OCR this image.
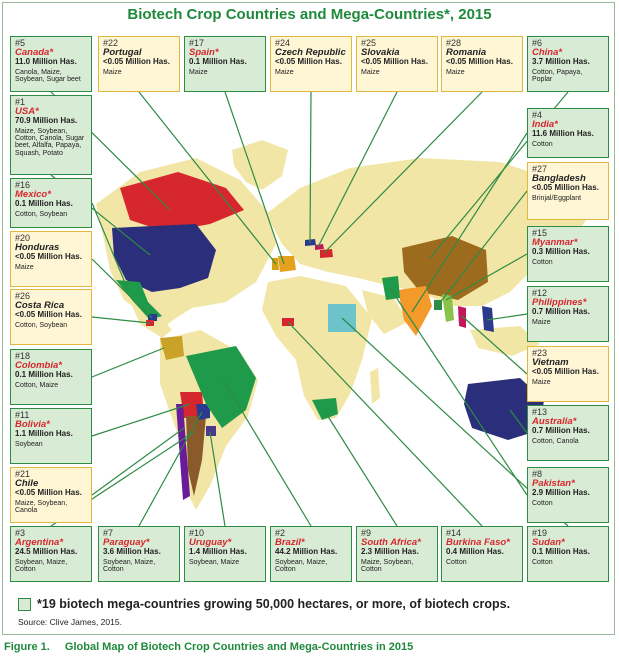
Biotech Crop Countries and Mega-Countries*, 2015
#5
Canada*
11.0 Million Has.
Canola, Maize, Soybean, Sugar beet
#22
Portugal
<0.05 Million Has.
Maize
#17
Spain*
0.1 Million Has.
Maize
#24
Czech Republic
<0.05 Million Has.
Maize
#25
Slovakia
<0.05 Million Has.
Maize
#28
Romania
<0.05 Million Has.
Maize
#6
China*
3.7 Million Has.
Cotton, Papaya, Poplar
#1
USA*
70.9 Million Has.
Maize, Soybean, Cotton, Canola, Sugar beet, Alfalfa, Papaya, Squash, Potato
#4
India*
11.6 Million Has.
Cotton
#16
Mexico*
0.1 Million Has.
Cotton, Soybean
#27
Bangladesh
<0.05 Million Has.
Brinjal/Eggplant
#20
Honduras
<0.05 Million Has.
Maize
#15
Myanmar*
0.3 Million Has.
Cotton
#26
Costa Rica
<0.05 Million Has.
Cotton, Soybean
#12
Philippines*
0.7 Million Has.
Maize
#18
Colombia*
0.1 Million Has.
Cotton, Maize
#23
Vietnam
<0.05 Million Has.
Maize
#11
Bolivia*
1.1 Million Has.
Soybean
#13
Australia*
0.7 Million Has.
Cotton, Canola
#21
Chile
<0.05 Million Has.
Maize, Soybean, Canola
#8
Pakistan*
2.9 Million Has.
Cotton
#3
Argentina*
24.5 Million Has.
Soybean, Maize, Cotton
#7
Paraguay*
3.6 Million Has.
Soybean, Maize, Cotton
#10
Uruguay*
1.4 Million Has.
Soybean, Maize
#2
Brazil*
44.2 Million Has.
Soybean, Maize, Cotton
#9
South Africa*
2.3 Million Has.
Maize, Soybean, Cotton
#14
Burkina Faso*
0.4 Million Has.
Cotton
#19
Sudan*
0.1 Million Has.
Cotton
*19 biotech mega-countries growing 50,000 hectares, or more, of biotech crops.
Source: Clive James, 2015.
Figure 1. Global Map of Biotech Crop Countries and Mega-Countries in 2015
